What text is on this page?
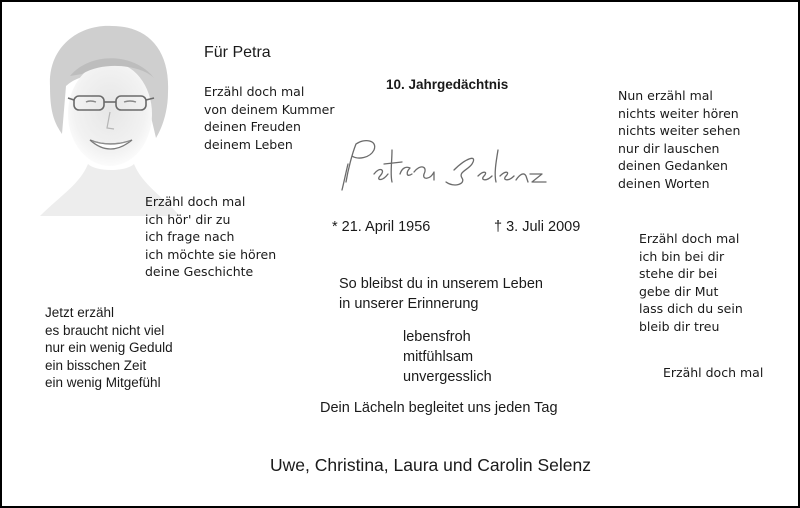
Für Petra
Erzähl doch mal
von deinem Kummer
deinen Freuden
deinem Leben
10. Jahrgedächtnis
* 21. April 1956	† 3. Juli 2009
Nun erzähl mal
nichts weiter hören
nichts weiter sehen
nur dir lauschen
deinen Gedanken
deinen Worten
Erzähl doch mal
ich hör' dir zu
ich frage nach
ich möchte sie hören
deine Geschichte
Erzähl doch mal
ich bin bei dir
stehe dir bei
gebe dir Mut
lass dich du sein
bleib dir treu
So bleibst du in unserem Leben
in unserer Erinnerung
Jetzt erzähl
es braucht nicht viel
nur ein wenig Geduld
ein bisschen Zeit
ein wenig Mitgefühl
lebensfroh
mitfühlsam
unvergesslich	Erzähl doch mal
Dein Lächeln begleitet uns jeden Tag
Uwe, Christina, Laura und Carolin Selenz
